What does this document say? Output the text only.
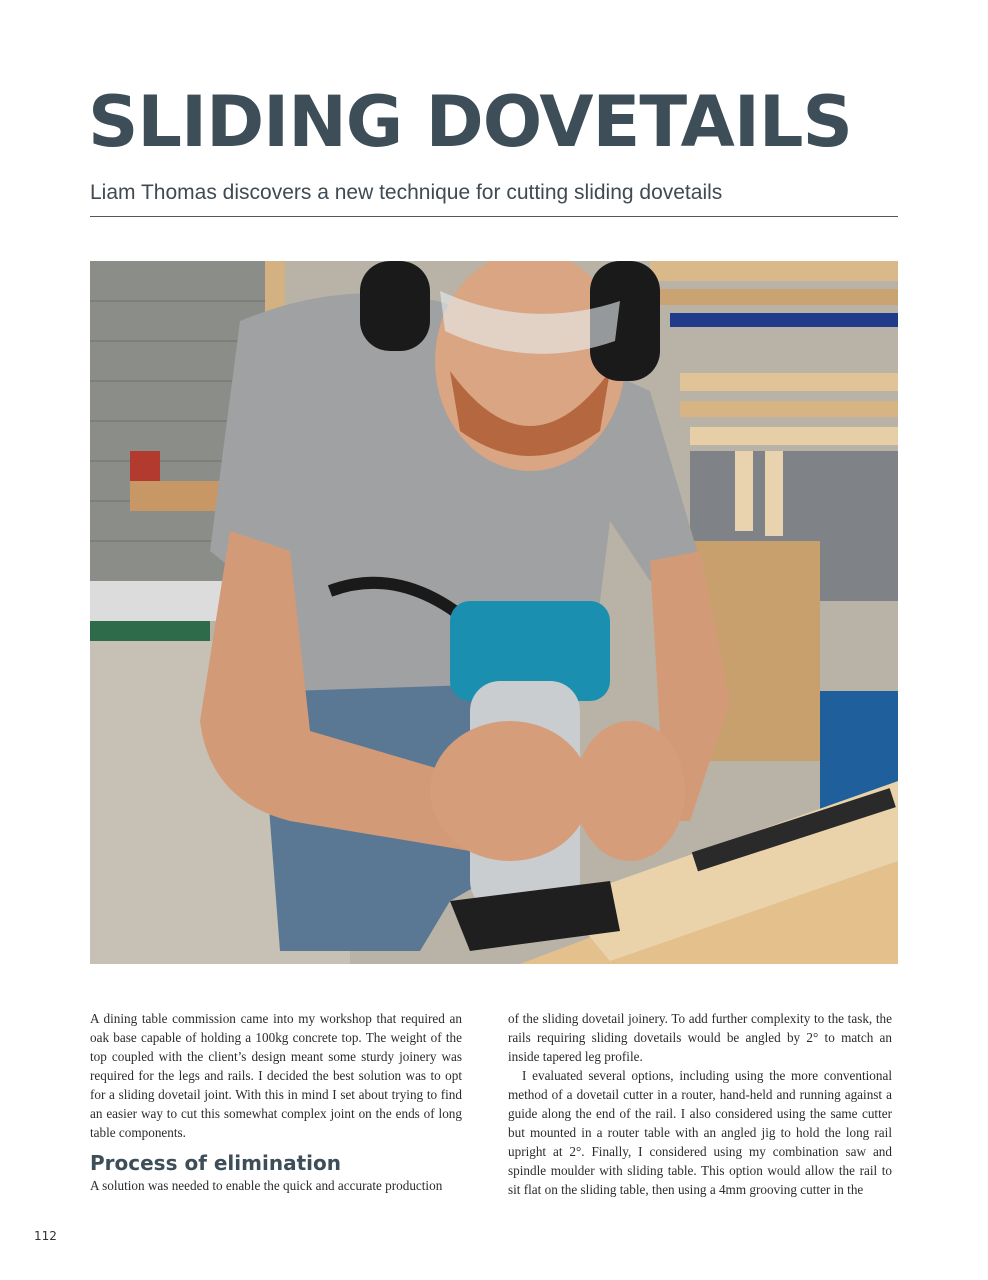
SLIDING DOVETAILS
Liam Thomas discovers a new technique for cutting sliding dovetails

A dining table commission came into my workshop that required an oak base capable of holding a 100kg concrete top. The weight of the top coupled with the client’s design meant some sturdy joinery was required for the legs and rails. I decided the best solution was to opt for a sliding dovetail joint. With this in mind I set about trying to find an easier way to cut this somewhat complex joint on the ends of long table components.

Process of elimination

A solution was needed to enable the quick and accurate production

of the sliding dovetail joinery. To add further complexity to the task, the rails requiring sliding dovetails would be angled by 2° to match an inside tapered leg profile.

I evaluated several options, including using the more conventional method of a dovetail cutter in a router, hand-held and running against a guide along the end of the rail. I also considered using the same cutter but mounted in a router table with an angled jig to hold the long rail upright at 2°. Finally, I considered using my combination saw and spindle moulder with sliding table. This option would allow the rail to sit flat on the sliding table, then using a 4mm grooving cutter in the

112
